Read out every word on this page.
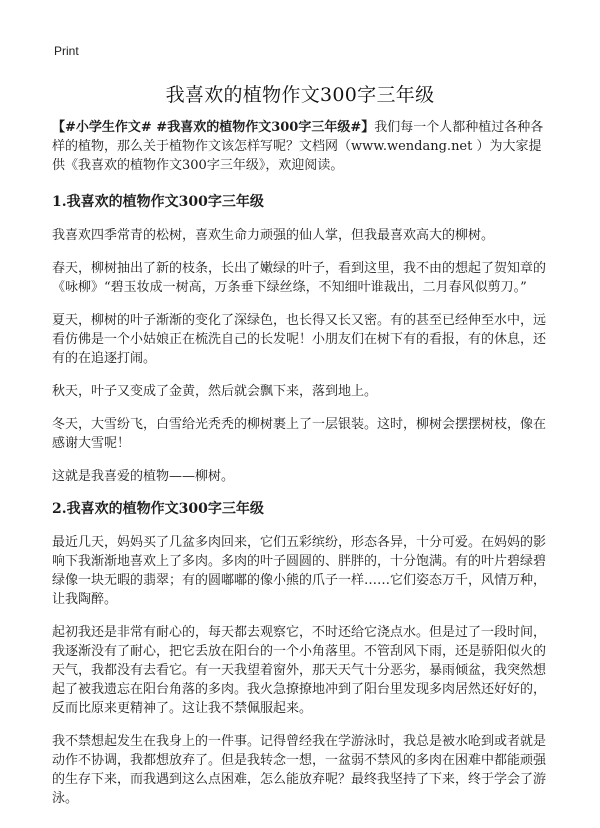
Print
我喜欢的植物作文300字三年级

【#小学生作文# #我喜欢的植物作文300字三年级#】我们每一个人都种植过各种各样的植物，那么关于植物作文该怎样写呢？文档网（www.wendang.net ）为大家提供《我喜欢的植物作文300字三年级》，欢迎阅读。

1.我喜欢的植物作文300字三年级

我喜欢四季常青的松树，喜欢生命力顽强的仙人掌，但我最喜欢高大的柳树。

春天，柳树抽出了新的枝条，长出了嫩绿的叶子，看到这里，我不由的想起了贺知章的《咏柳》“碧玉妆成一树高，万条垂下绿丝绦，不知细叶谁裁出，二月春风似剪刀。”

夏天，柳树的叶子渐渐的变化了深绿色，也长得又长又密。有的甚至已经伸至水中，远看仿佛是一个小姑娘正在梳洗自己的长发呢！小朋友们在树下有的看报，有的休息，还有的在追逐打闹。

秋天，叶子又变成了金黄，然后就会飘下来，落到地上。

冬天，大雪纷飞，白雪给光秃秃的柳树裹上了一层银装。这时，柳树会摆摆树枝，像在感谢大雪呢！

这就是我喜爱的植物——柳树。

2.我喜欢的植物作文300字三年级

最近几天，妈妈买了几盆多肉回来，它们五彩缤纷，形态各异，十分可爱。在妈妈的影响下我渐渐地喜欢上了多肉。多肉的叶子圆圆的、胖胖的，十分饱满。有的叶片碧绿碧绿像一块无暇的翡翠；有的圆嘟嘟的像小熊的爪子一样……它们姿态万千，风情万种，让我陶醉。

起初我还是非常有耐心的，每天都去观察它，不时还给它浇点水。但是过了一段时间，我逐渐没有了耐心，把它丢放在阳台的一个小角落里。不管刮风下雨，还是骄阳似火的天气，我都没有去看它。有一天我望着窗外，那天天气十分恶劣，暴雨倾盆，我突然想起了被我遗忘在阳台角落的多肉。我火急撩撩地冲到了阳台里发现多肉居然还好好的，反而比原来更精神了。这让我不禁佩服起来。

我不禁想起发生在我身上的一件事。记得曾经我在学游泳时，我总是被水呛到或者就是动作不协调，我都想放弃了。但是我转念一想，一盆弱不禁风的多肉在困难中都能顽强的生存下来，而我遇到这么点困难，怎么能放弃呢？最终我坚持了下来，终于学会了游泳。
